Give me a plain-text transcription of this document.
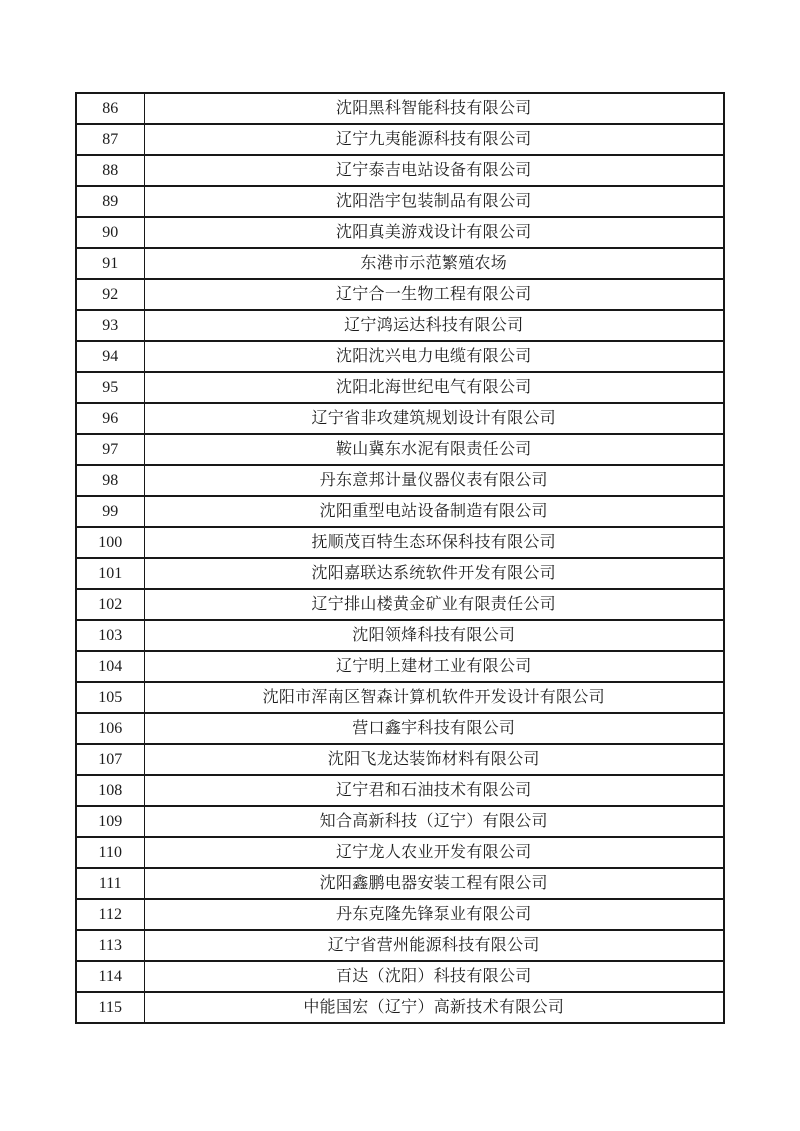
86	沈阳黑科智能科技有限公司
87	辽宁九夷能源科技有限公司
88	辽宁泰吉电站设备有限公司
89	沈阳浩宇包装制品有限公司
90	沈阳真美游戏设计有限公司
91	东港市示范繁殖农场
92	辽宁合一生物工程有限公司
93	辽宁鸿运达科技有限公司
94	沈阳沈兴电力电缆有限公司
95	沈阳北海世纪电气有限公司
96	辽宁省非攻建筑规划设计有限公司
97	鞍山冀东水泥有限责任公司
98	丹东意邦计量仪器仪表有限公司
99	沈阳重型电站设备制造有限公司
100	抚顺茂百特生态环保科技有限公司
101	沈阳嘉联达系统软件开发有限公司
102	辽宁排山楼黄金矿业有限责任公司
103	沈阳领烽科技有限公司
104	辽宁明上建材工业有限公司
105	沈阳市浑南区智森计算机软件开发设计有限公司
106	营口鑫宇科技有限公司
107	沈阳飞龙达装饰材料有限公司
108	辽宁君和石油技术有限公司
109	知合高新科技（辽宁）有限公司
110	辽宁龙人农业开发有限公司
111	沈阳鑫鹏电器安装工程有限公司
112	丹东克隆先锋泵业有限公司
113	辽宁省营州能源科技有限公司
114	百达（沈阳）科技有限公司
115	中能国宏（辽宁）高新技术有限公司
